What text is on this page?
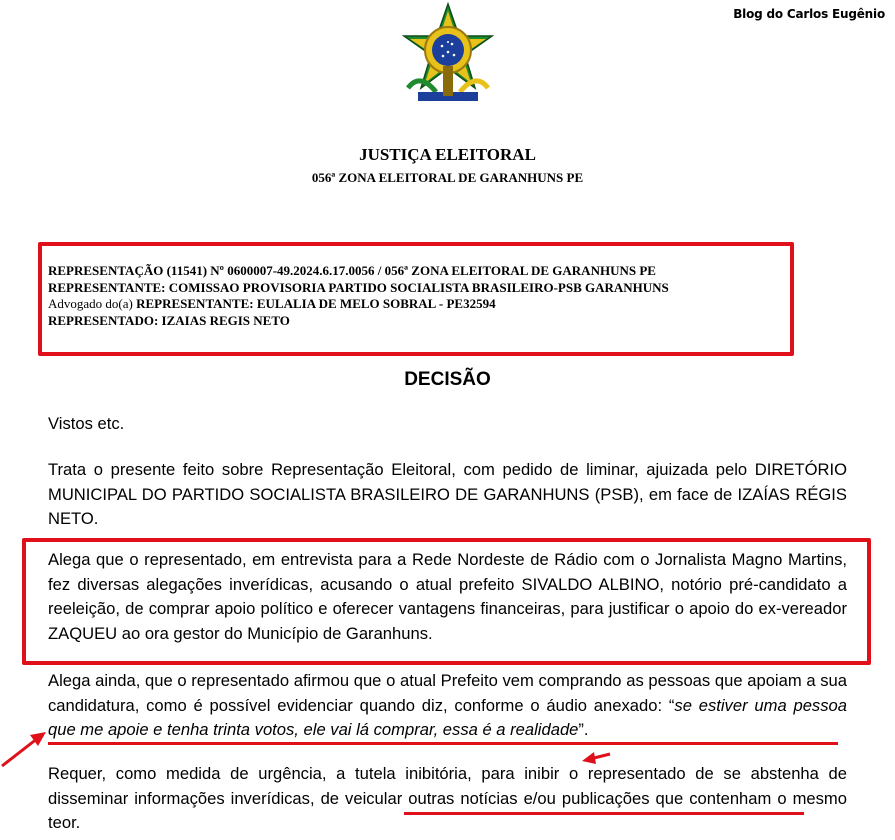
Blog do Carlos Eugênio
JUSTIÇA ELEITORAL
056ª ZONA ELEITORAL DE GARANHUNS PE
REPRESENTAÇÃO (11541) Nº 0600007-49.2024.6.17.0056 / 056ª ZONA ELEITORAL DE GARANHUNS PE
REPRESENTANTE: COMISSAO PROVISORIA PARTIDO SOCIALISTA BRASILEIRO-PSB GARANHUNS
Advogado do(a) REPRESENTANTE: EULALIA DE MELO SOBRAL - PE32594
REPRESENTADO: IZAIAS REGIS NETO
DECISÃO
Vistos etc.
Trata o presente feito sobre Representação Eleitoral, com pedido de liminar, ajuizada pelo DIRETÓRIO MUNICIPAL DO PARTIDO SOCIALISTA BRASILEIRO DE GARANHUNS (PSB), em face de IZAÍAS RÉGIS NETO.
Alega que o representado, em entrevista para a Rede Nordeste de Rádio com o Jornalista Magno Martins, fez diversas alegações inverídicas, acusando o atual prefeito SIVALDO ALBINO, notório pré-candidato a reeleição, de comprar apoio político e oferecer vantagens financeiras, para justificar o apoio do ex-vereador ZAQUEU ao ora gestor do Município de Garanhuns.
Alega ainda, que o representado afirmou que o atual Prefeito vem comprando as pessoas que apoiam a sua candidatura, como é possível evidenciar quando diz, conforme o áudio anexado: “se estiver uma pessoa que me apoie e tenha trinta votos, ele vai lá comprar, essa é a realidade”.
Requer, como medida de urgência, a tutela inibitória, para inibir o representado de se abstenha de disseminar informações inverídicas, de veicular outras notícias e/ou publicações que contenham o mesmo teor.
